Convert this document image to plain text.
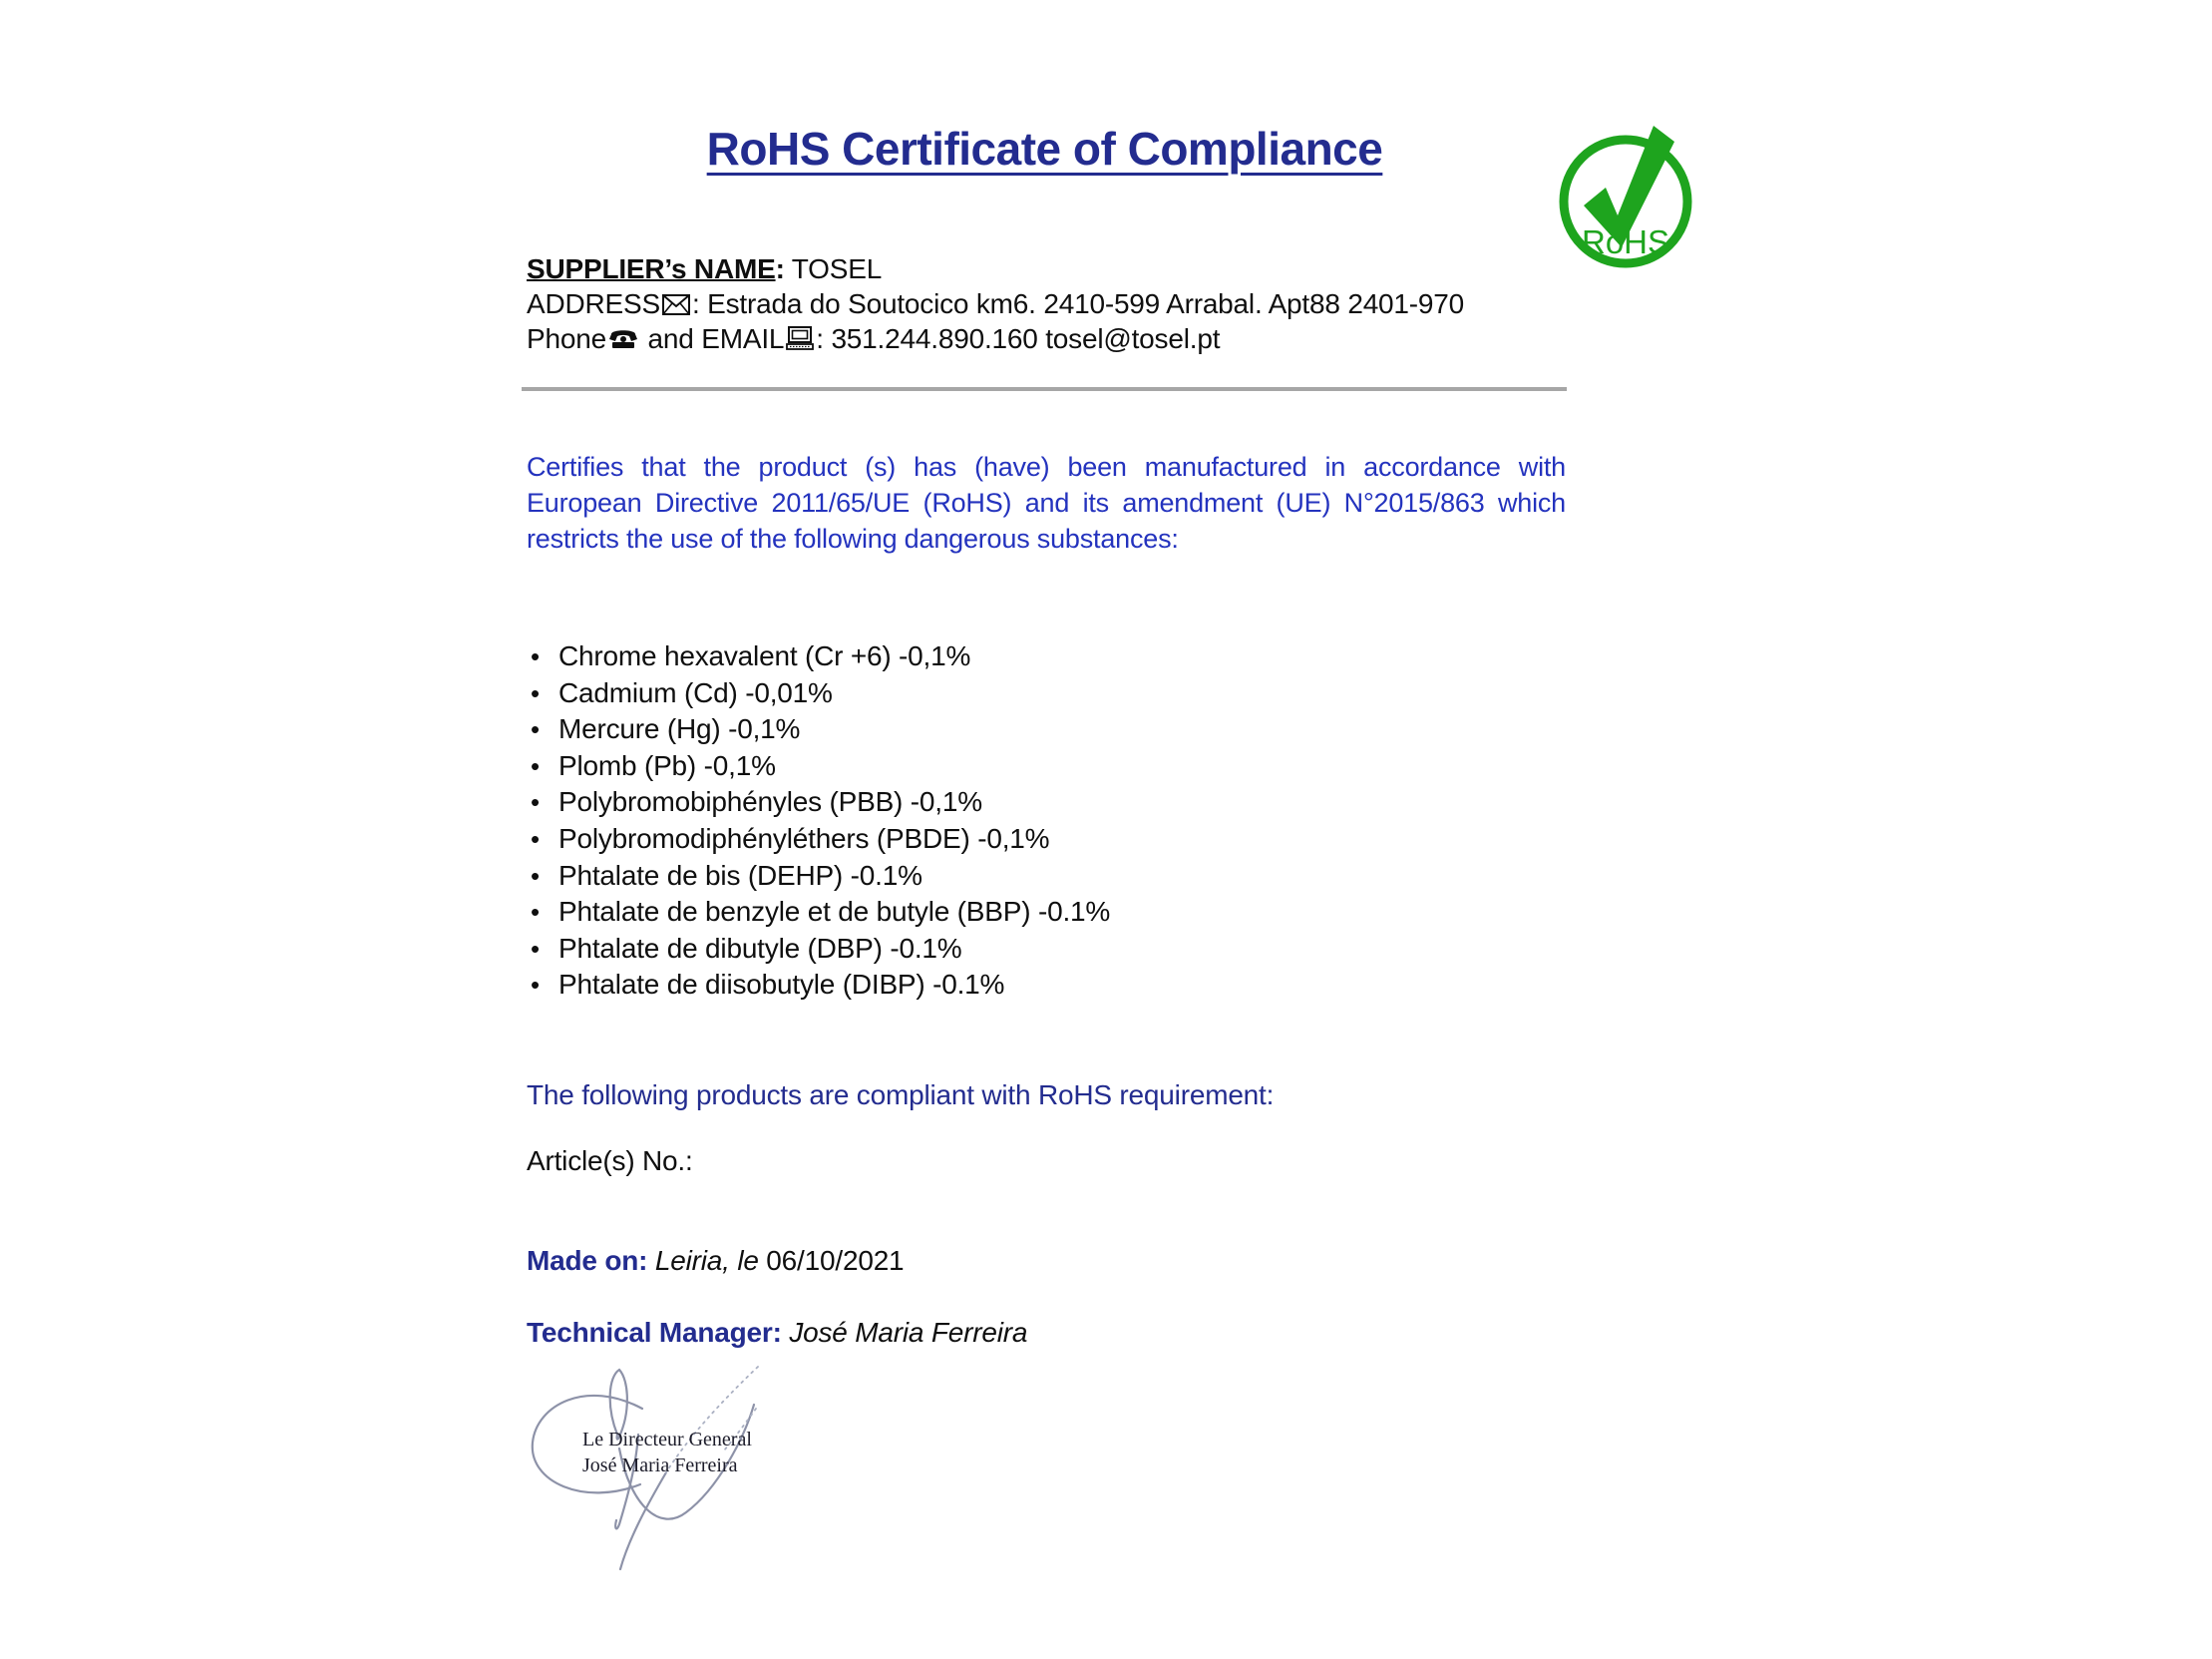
RoHS Certificate of Compliance
RoHS
SUPPLIER’s NAME: TOSEL
ADDRESS : Estrada do Soutocico km6. 2410-599 Arrabal. Apt88 2401-970
Phone
and EMAIL : 351.244.890.160 tosel@tosel.pt
Certifies that the product (s) has (have) been manufactured in accordance with European Directive 2011/65/UE (RoHS) and its amendment (UE) N°2015/863 which restricts the use of the following dangerous substances:
• Chrome hexavalent (Cr +6) -0,1%
• Cadmium (Cd) -0,01%
• Mercure (Hg) -0,1%
• Plomb (Pb) -0,1%
• Polybromobiphényles (PBB) -0,1%
• Polybromodiphényléthers (PBDE) -0,1%
• Phtalate de bis (DEHP) -0.1%
• Phtalate de benzyle et de butyle (BBP) -0.1%
• Phtalate de dibutyle (DBP) -0.1%
• Phtalate de diisobutyle (DIBP) -0.1%
The following products are compliant with RoHS requirement:
Article(s) No.:
Made on: Leiria, le 06/10/2021
Technical Manager: José Maria Ferreira
Le Directeur General
José Maria Ferreira
